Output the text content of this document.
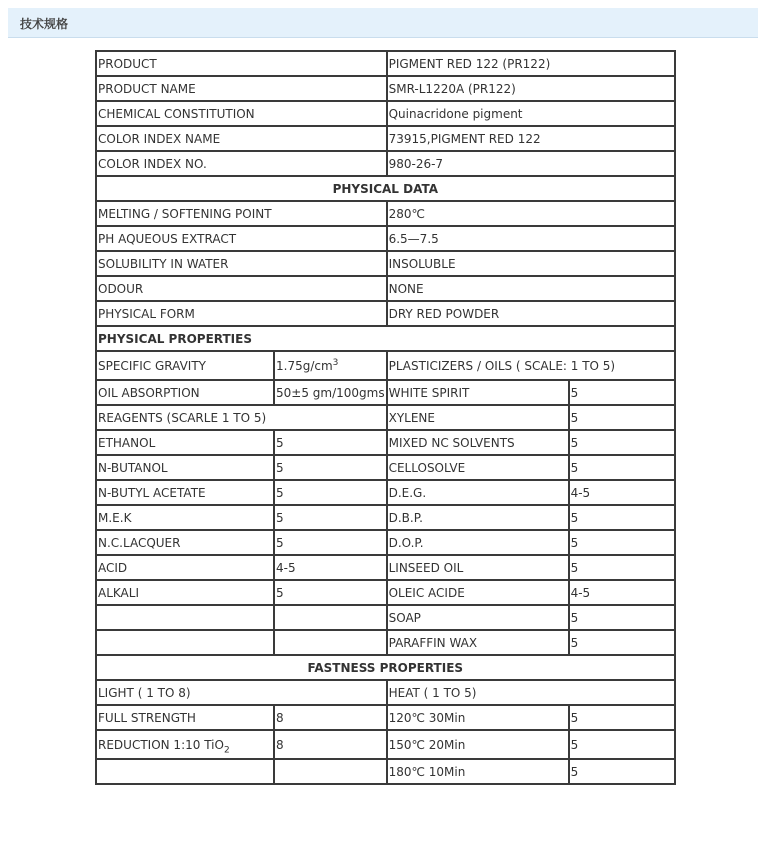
技术规格
PRODUCT		PIGMENT RED 122 (PR122)	
PRODUCT NAME		SMR-L1220A (PR122)	
CHEMICAL CONSTITUTION		Quinacridone pigment	
COLOR INDEX NAME		73915,PIGMENT RED 122	
COLOR INDEX NO.		980-26-7	
PHYSICAL DATA			
MELTING / SOFTENING POINT		280℃	
PH AQUEOUS EXTRACT		6.5—7.5	
SOLUBILITY IN WATER		INSOLUBLE	
ODOUR		NONE	
PHYSICAL FORM		DRY RED POWDER	
PHYSICAL PROPERTIES			
SPECIFIC GRAVITY	$1.75g/cm^3$	PLASTICIZERS / OILS ( SCALE: 1 TO 5)	
OIL ABSORPTION	50±5 gm/100gms	WHITE SPIRIT	5
REAGENTS (SCARLE 1 TO 5)		XYLENE	5
ETHANOL	5	MIXED NC SOLVENTS	5
N-BUTANOL	5	CELLOSOLVE	5
N-BUTYL ACETATE	5	D.E.G.	4-5
M.E.K	5	D.B.P.	5
N.C.LACQUER	5	D.O.P.	5
ACID	4-5	LINSEED OIL	5
ALKALI	5	OLEIC ACIDE	4-5
		SOAP	5
		PARAFFIN WAX	5
FASTNESS PROPERTIES			
LIGHT ( 1 TO 8)		HEAT ( 1 TO 5)	
FULL STRENGTH	8	120℃ 30Min	5
REDUCTION 1:10 TiO$_2$	8	150℃ 20Min	5
		180℃ 10Min	5
